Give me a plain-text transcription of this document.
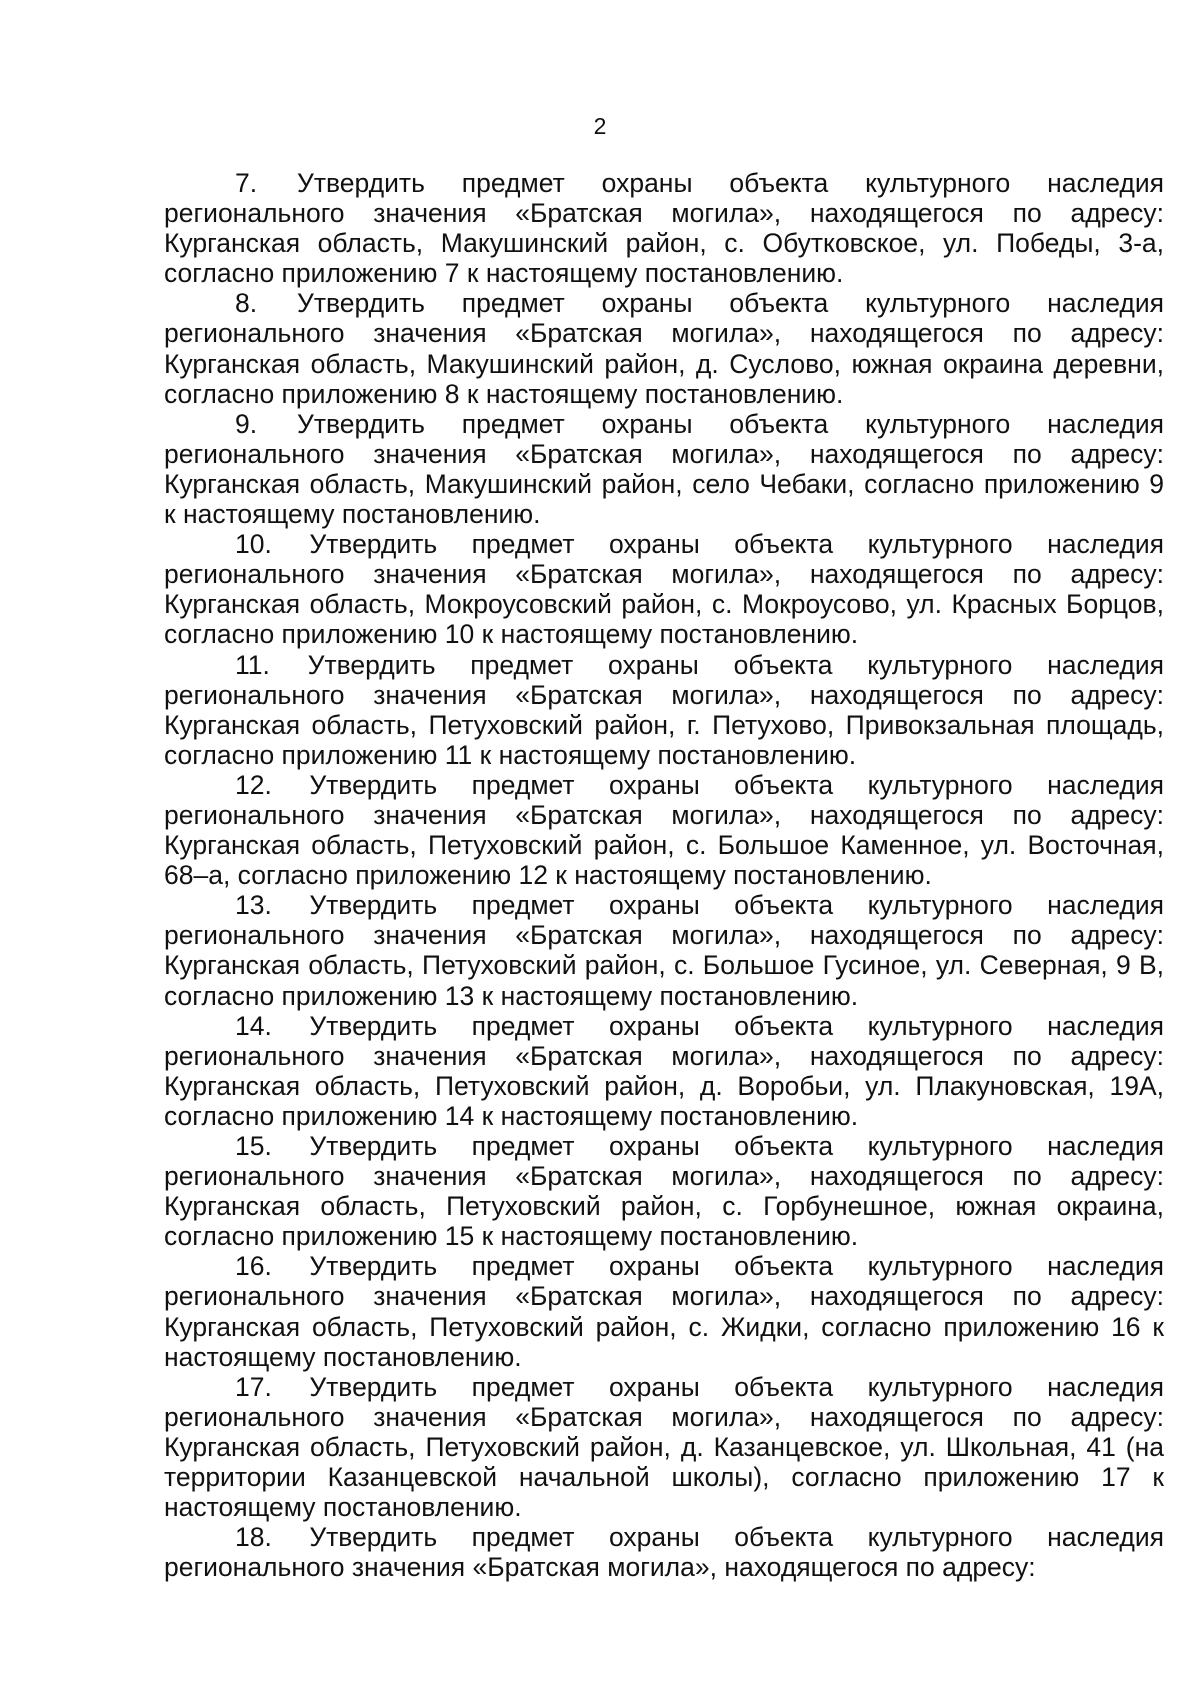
2

7. Утвердить предмет охраны объекта культурного наследия регионального значения «Братская могила», находящегося по адресу: Курганская область, Макушинский район, с. Обутковское, ул. Победы, 3-а, согласно приложению 7 к настоящему постановлению.

8. Утвердить предмет охраны объекта культурного наследия регионального значения «Братская могила», находящегося по адресу: Курганская область, Макушинский район, д. Суслово, южная окраина деревни, согласно приложению 8 к настоящему постановлению.

9. Утвердить предмет охраны объекта культурного наследия регионального значения «Братская могила», находящегося по адресу: Курганская область, Макушинский район, село Чебаки, согласно приложению 9 к настоящему постановлению.

10. Утвердить предмет охраны объекта культурного наследия регионального значения «Братская могила», находящегося по адресу: Курганская область, Мокроусовский район, с. Мокроусово, ул. Красных Борцов, согласно приложению 10 к настоящему постановлению.

11. Утвердить предмет охраны объекта культурного наследия регионального значения «Братская могила», находящегося по адресу: Курганская область, Петуховский район, г. Петухово, Привокзальная площадь, согласно приложению 11 к настоящему постановлению.

12. Утвердить предмет охраны объекта культурного наследия регионального значения «Братская могила», находящегося по адресу: Курганская область, Петуховский район, с. Большое Каменное, ул. Восточная, 68–а, согласно приложению 12 к настоящему постановлению.

13. Утвердить предмет охраны объекта культурного наследия регионального значения «Братская могила», находящегося по адресу: Курганская область, Петуховский район, с. Большое Гусиное, ул. Северная, 9 В, согласно приложению 13 к настоящему постановлению.

14. Утвердить предмет охраны объекта культурного наследия регионального значения «Братская могила», находящегося по адресу: Курганская область, Петуховский район, д. Воробьи, ул. Плакуновская, 19А, согласно приложению 14 к настоящему постановлению.

15. Утвердить предмет охраны объекта культурного наследия регионального значения «Братская могила», находящегося по адресу: Курганская область, Петуховский район, с. Горбунешное, южная окраина, согласно приложению 15 к настоящему постановлению.

16. Утвердить предмет охраны объекта культурного наследия регионального значения «Братская могила», находящегося по адресу: Курганская область, Петуховский район, с. Жидки, согласно приложению 16 к настоящему постановлению.

17. Утвердить предмет охраны объекта культурного наследия регионального значения «Братская могила», находящегося по адресу: Курганская область, Петуховский район, д. Казанцевское, ул. Школьная, 41 (на территории Казанцевской начальной школы), согласно приложению 17 к настоящему постановлению.

18. Утвердить предмет охраны объекта культурного наследия регионального значения «Братская могила», находящегося по адресу:
